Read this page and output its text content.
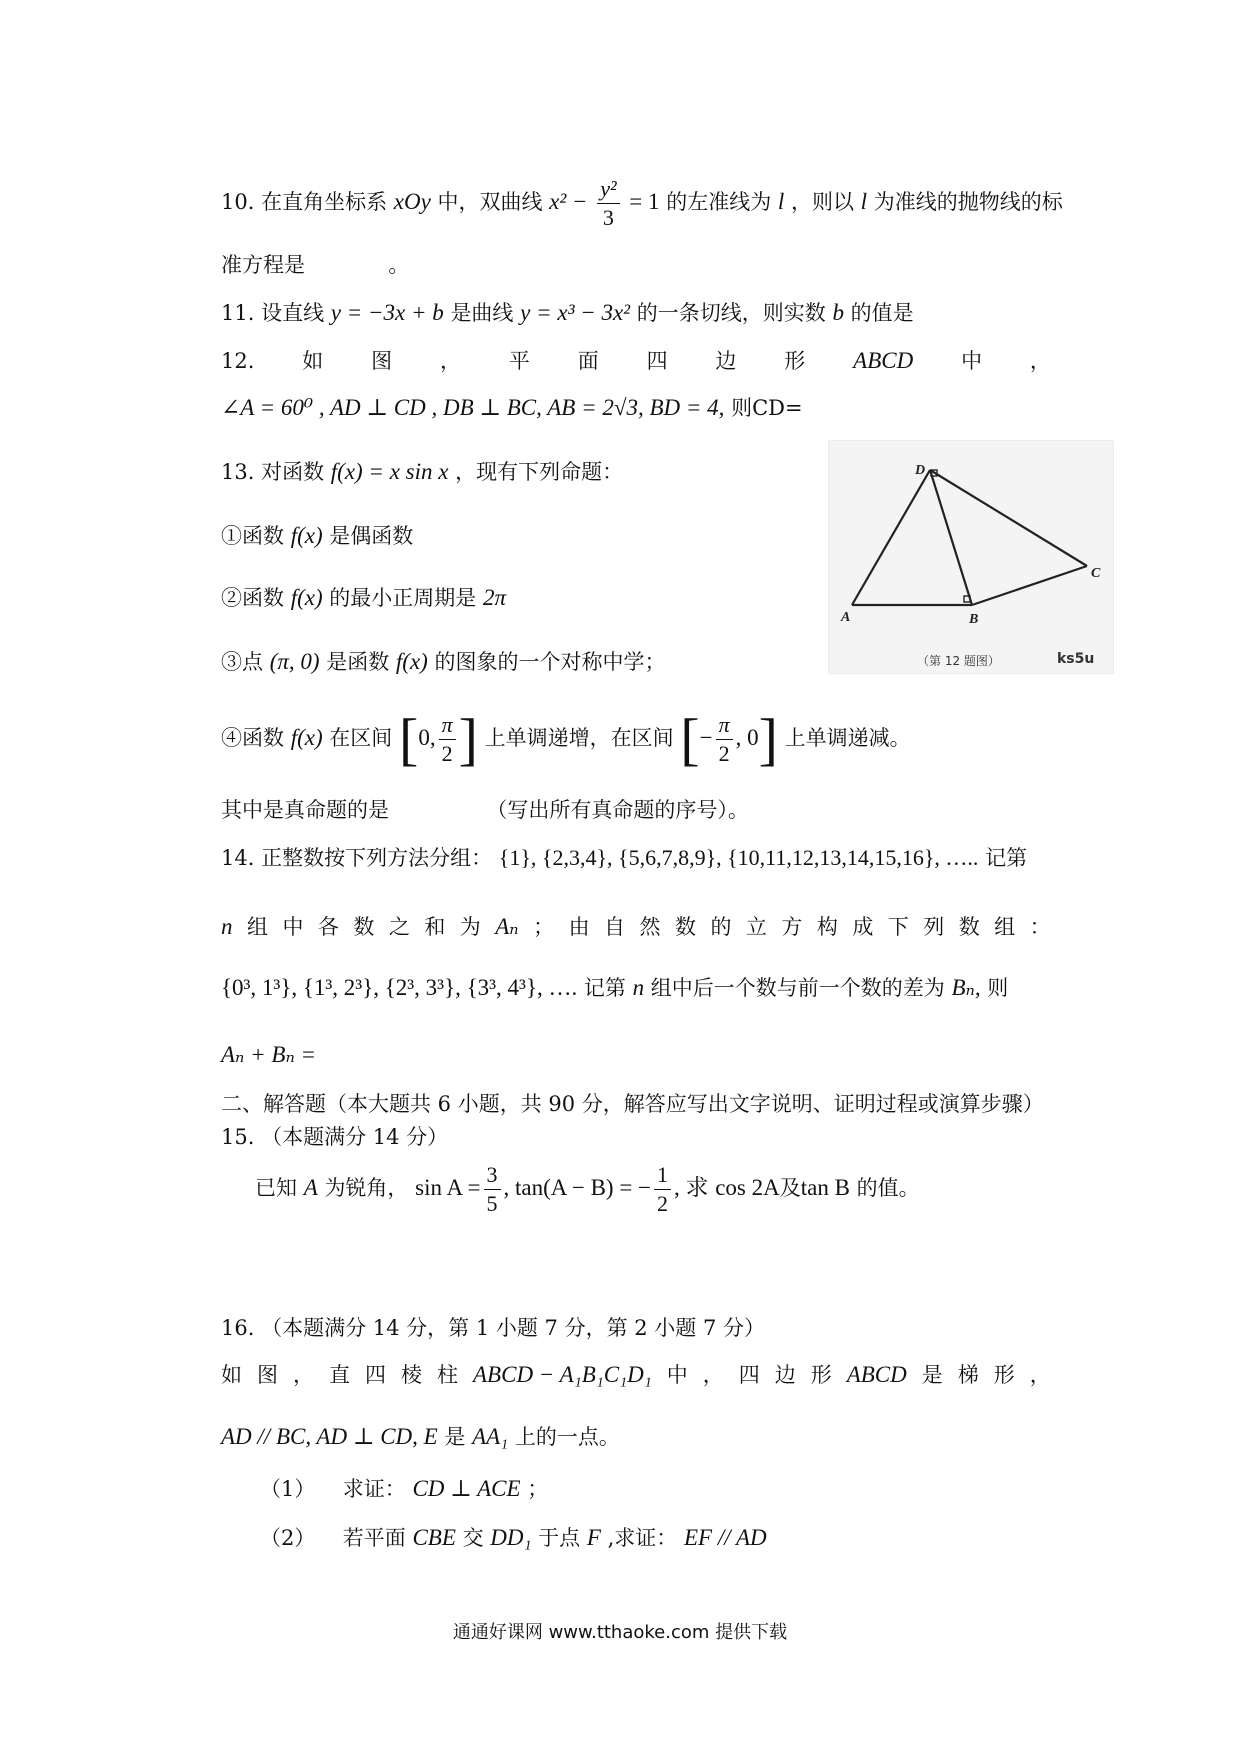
10. 在直角坐标系 xOy 中，双曲线 $x^2 - \frac{\text{y²}}{3} = 1$ 的左准线为 l ，则以 l 为准线的抛物线的标
准方程是	。
11. 设直线 y = −3x + b 是曲线 y = x³ − 3x² 的一条切线，则实数 b 的值是
12. 如 图 ， 平 面 四 边 形 ABCD 中 ，
∠A = 60⁰ , AD ⊥ CD , DB ⊥ BC, AB = 2√3, BD = 4, 则CD=
13. 对函数 f(x) = x sin x ，现有下列命题：
①函数 f(x) 是偶函数
②函数 f(x) 的最小正周期是 2π
③点 (π, 0) 是函数 f(x) 的图象的一个对称中学；
④函数 f(x) 在区间 [0, $\frac{\pi}{2}$ ] 上单调递增，在区间 [− $\frac{\pi}{2}$ , 0] 上单调递减。
其中是真命题的是	（写出所有真命题的序号）。
14. 正整数按下列方法分组： {1}, {2,3,4}, {5,6,7,8,9}, {10,11,12,13,14,15,16}, ….. 记第
n 组 中 各 数 之 和 为 Aₙ ； 由 自 然 数 的 立 方 构 成 下 列 数 组 ：
{0³, 1³}, {1³, 2³}, {2³, 3³}, {3³, 4³}, …. 记第 n 组中后一个数与前一个数的差为 Bₙ, 则
Aₙ + Bₙ =
二、解答题（本大题共 6 小题，共 90 分，解答应写出文字说明、证明过程或演算步骤）
15. （本题满分 14 分）
已知 A 为锐角， $\sin A = \frac{3}{5}$ , tan(A − B) = − $\frac{1}{2}$ , 求 cos 2A及tan B 的值。
16. （本题满分 14 分，第 1 小题 7 分，第 2 小题 7 分）
如 图 ， 直 四 棱 柱 ABCD − A₁B₁C₁D₁ 中 ， 四 边 形 ABCD 是 梯 形 ，
AD // BC, AD ⊥ CD, E 是 AA₁ 上的一点。
（1） 求证： CD ⊥ ACE ；
（2） 若平面 CBE 交 DD₁ 于点 F ,求证： EF // AD
A	B
C
D
（第 12 题图）	ks5u
通通好课网 www.tthaoke.com 提供下载
